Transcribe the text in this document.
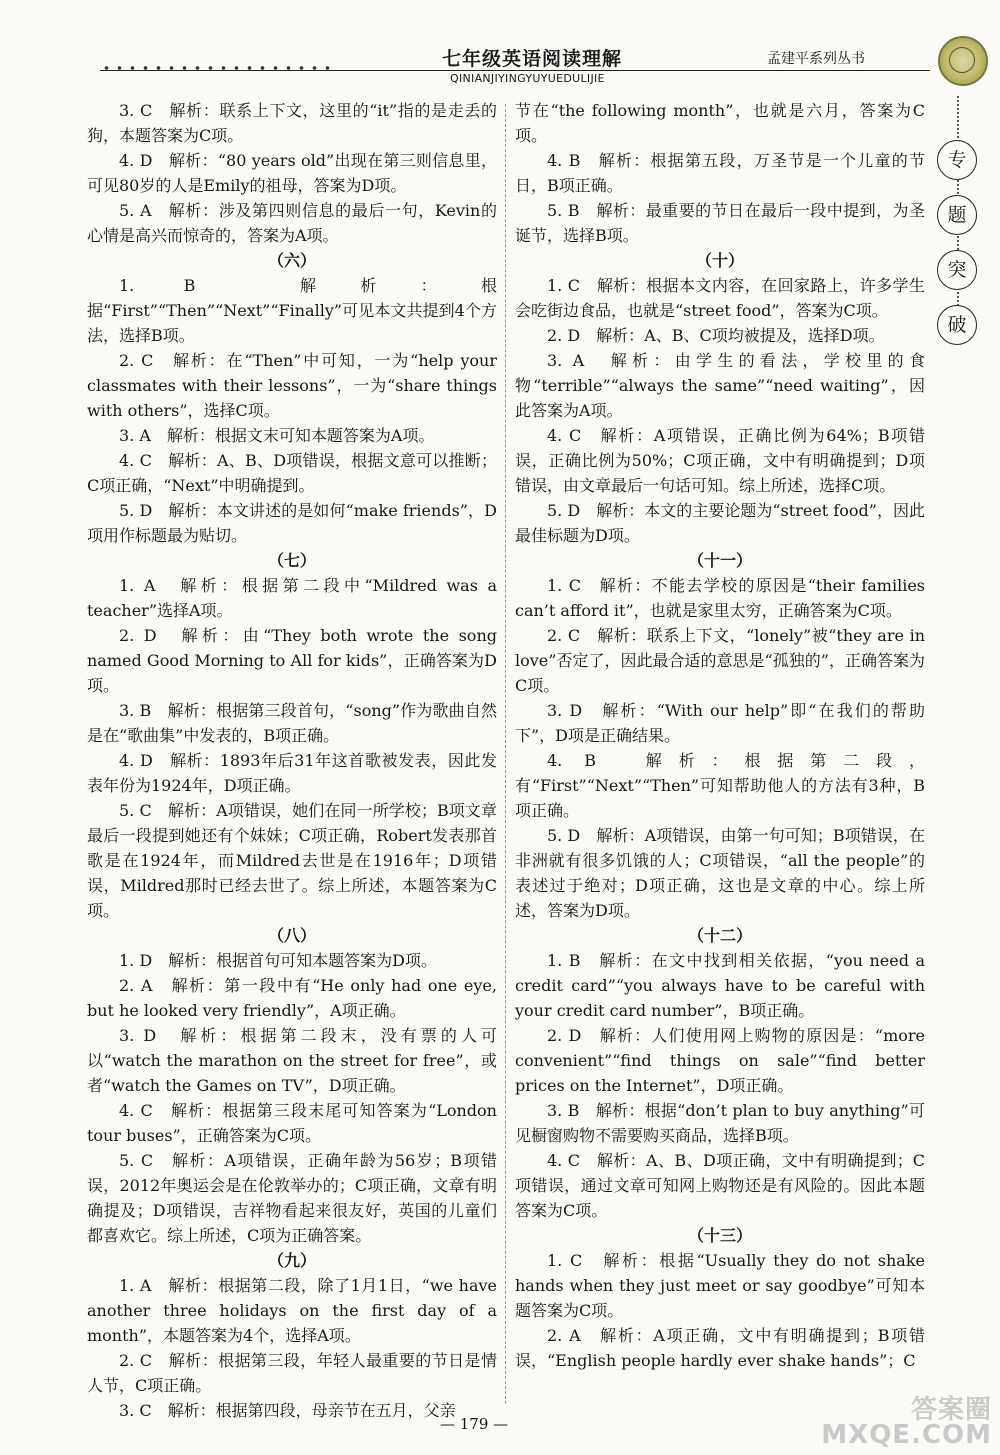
七年级英语阅读理解	孟建平系列丛书
QINIANJIYINGYUYUEDULIJIE
专
题
突
破

3. C　解析：联系上下文，这里的“it”指的是走丢的狗，本题答案为C项。

4. D　解析：“80 years old”出现在第三则信息里，可见80岁的人是Emily的祖母，答案为D项。

5. A　解析：涉及第四则信息的最后一句，Kevin的心情是高兴而惊奇的，答案为A项。

（六）

1. B　解析：根据“First”“Then”“Next”“Finally”可见本文共提到4个方法，选择B项。

2. C　解析：在“Then”中可知，一为“help your classmates with their lessons”，一为“share things with others”，选择C项。

3. A　解析：根据文末可知本题答案为A项。

4. C　解析：A、B、D项错误，根据文意可以推断；C项正确，“Next”中明确提到。

5. D　解析：本文讲述的是如何“make friends”，D项用作标题最为贴切。

（七）

1. A　解析：根据第二段中“Mildred was a teacher”选择A项。

2. D　解析：由“They both wrote the song named Good Morning to All for kids”，正确答案为D项。

3. B　解析：根据第三段首句，“song”作为歌曲自然是在“歌曲集”中发表的，B项正确。

4. D　解析：1893年后31年这首歌被发表，因此发表年份为1924年，D项正确。

5. C　解析：A项错误，她们在同一所学校；B项文章最后一段提到她还有个妹妹；C项正确，Robert发表那首歌是在1924年，而Mildred去世是在1916年；D项错误，Mildred那时已经去世了。综上所述，本题答案为C项。

（八）

1. D　解析：根据首句可知本题答案为D项。

2. A　解析：第一段中有“He only had one eye, but he looked very friendly”，A项正确。

3. D　解析：根据第二段末，没有票的人可以“watch the marathon on the street for free”，或者“watch the Games on TV”，D项正确。

4. C　解析：根据第三段末尾可知答案为“London tour buses”，正确答案为C项。

5. C　解析：A项错误，正确年龄为56岁；B项错误，2012年奥运会是在伦敦举办的；C项正确，文章有明确提及；D项错误，吉祥物看起来很友好，英国的儿童们都喜欢它。综上所述，C项为正确答案。

（九）

1. A　解析：根据第二段，除了1月1日，“we have another three holidays on the first day of a month”，本题答案为4个，选择A项。

2. C　解析：根据第三段，年轻人最重要的节日是情人节，C项正确。

3. C　解析：根据第四段，母亲节在五月，父亲

节在“the following month”，也就是六月，答案为C项。

4. B　解析：根据第五段，万圣节是一个儿童的节日，B项正确。

5. B　解析：最重要的节日在最后一段中提到，为圣诞节，选择B项。

（十）

1. C　解析：根据本文内容，在回家路上，许多学生会吃街边食品，也就是“street food”，答案为C项。

2. D　解析：A、B、C项均被提及，选择D项。

3. A　解析：由学生的看法，学校里的食物“terrible”“always the same”“need waiting”，因此答案为A项。

4. C　解析：A项错误，正确比例为64%；B项错误，正确比例为50%；C项正确，文中有明确提到；D项错误，由文章最后一句话可知。综上所述，选择C项。

5. D　解析：本文的主要论题为“street food”，因此最佳标题为D项。

（十一）

1. C　解析：不能去学校的原因是“their families can’t afford it”，也就是家里太穷，正确答案为C项。

2. C　解析：联系上下文，“lonely”被“they are in love”否定了，因此最合适的意思是“孤独的”，正确答案为C项。

3. D　解析：“With our help”即“在我们的帮助下”，D项是正确结果。

4. B　解析：根据第二段，有“First”“Next”“Then”可知帮助他人的方法有3种，B项正确。

5. D　解析：A项错误，由第一句可知；B项错误，在非洲就有很多饥饿的人；C项错误，“all the people”的表述过于绝对；D项正确，这也是文章的中心。综上所述，答案为D项。

（十二）

1. B　解析：在文中找到相关依据，“you need a credit card”“you always have to be careful with your credit card number”，B项正确。

2. D　解析：人们使用网上购物的原因是：“more convenient”“find things on sale”“find better prices on the Internet”，D项正确。

3. B　解析：根据“don’t plan to buy anything”可见橱窗购物不需要购买商品，选择B项。

4. C　解析：A、B、D项正确，文中有明确提到；C项错误，通过文章可知网上购物还是有风险的。因此本题答案为C项。

（十三）

1. C　解析：根据“Usually they do not shake hands when they just meet or say goodbye”可知本题答案为C项。

2. A　解析：A项正确，文中有明确提到；B项错误，“English people hardly ever shake hands”；C

— 179 —	答案圈 MXQE.COM
